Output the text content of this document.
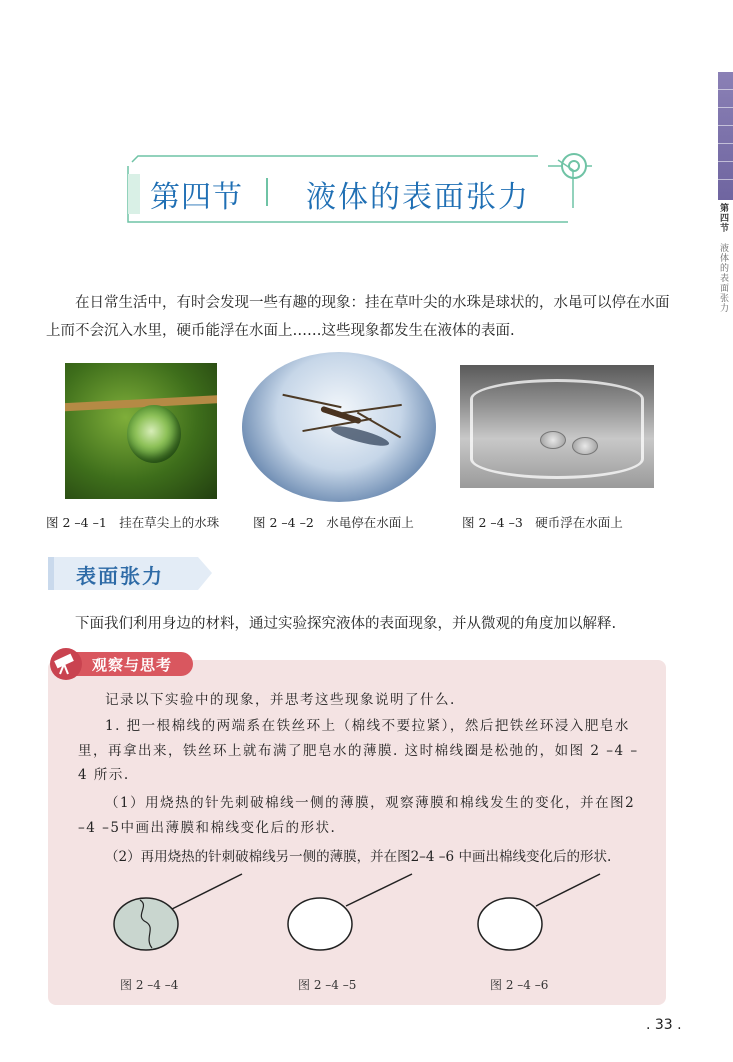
第四节
液体的表面张力
第四节 液体的表面张力

在日常生活中，有时会发现一些有趣的现象：挂在草叶尖的水珠是球状的，水黾可以停在水面上而不会沉入水里，硬币能浮在水面上……这些现象都发生在液体的表面.

图 2 –4 –1　挂在草尖上的水珠	图 2 –4 –2　水黾停在水面上	图 2 –4 –3　硬币浮在水面上
表面张力

下面我们利用身边的材料，通过实验探究液体的表面现象，并从微观的角度加以解释.

观察与思考

记录以下实验中的现象，并思考这些现象说明了什么.

1. 把一根棉线的两端系在铁丝环上（棉线不要拉紧），然后把铁丝环浸入肥皂水里，再拿出来，铁丝环上就布满了肥皂水的薄膜. 这时棉线圈是松弛的，如图 2 –4 –4 所示.

（1）用烧热的针先刺破棉线一侧的薄膜，观察薄膜和棉线发生的变化，并在图2 –4 –5中画出薄膜和棉线变化后的形状.

（2）再用烧热的针刺破棉线另一侧的薄膜，并在图2–4 –6 中画出棉线变化后的形状.

图 2 –4 –4	图 2 –4 –5	图 2 –4 –6
. 33 .
